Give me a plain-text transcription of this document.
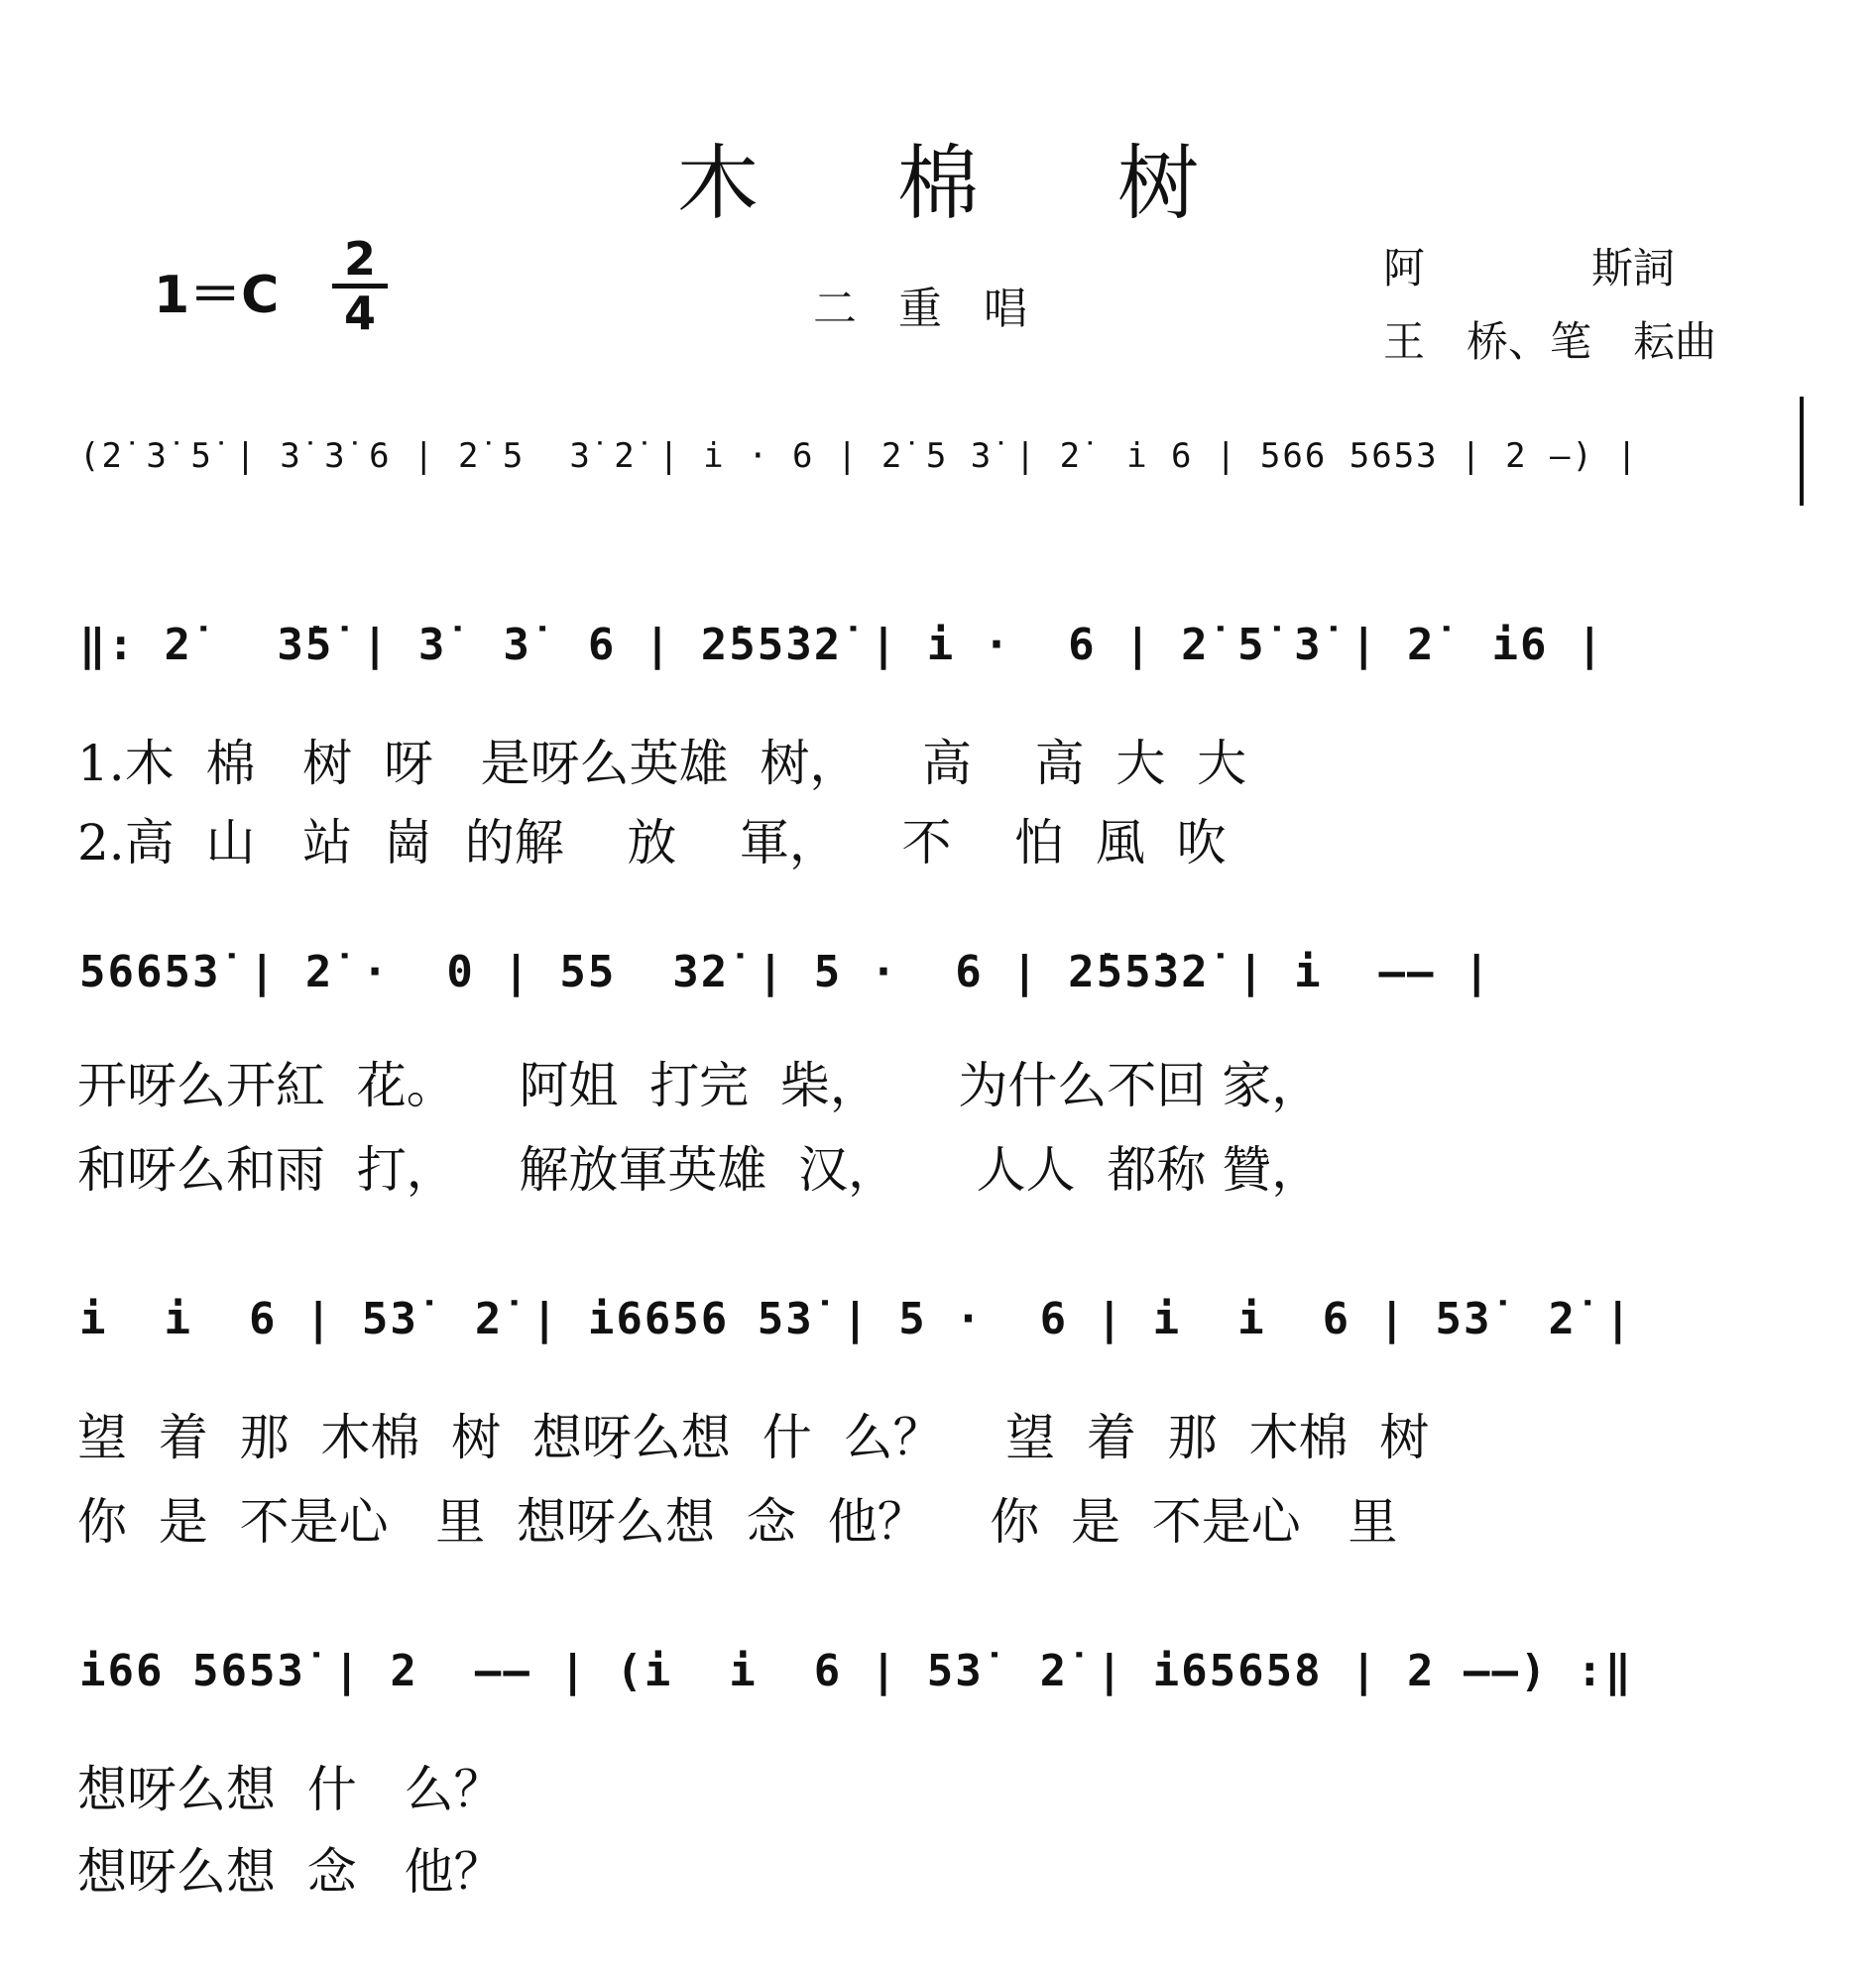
木棉树
1＝C
2
4	二重唱
阿　　　　斯詞
王　桥、笔　耘曲
(2̇ 3̇ 5̇ | 3̇ 3̇ 6 | 2̇ 5  3̇ 2̇ | i · 6 | 2̇ 5 3̇ | 2̇  i 6 | 566 5653 | 2 —) |
‖: 2̇   3̇5̇ | 3̇  3̇  6 | 2̇55̇32̇ | i ·  6 | 2̇ 5̇ 3̇ | 2̇  i6 |
1.木  棉   树  呀   是呀么英雄  树，    高    高  大  大
2.高  山   站  崗  的解    放    軍，    不    怕  風  吹
56653̇ | 2̇ ·  0 | 55  32̇ | 5 ·  6 | 2̇55̇32̇ | i  —— |
开呀么开紅  花。    阿姐  打完  柴，     为什么不回 家，
和呀么和雨  打，    解放軍英雄  汉，     人人  都称 贊，
i  i  6 | 53̇  2̇ | i6656 53̇ | 5 ·  6 | i  i  6 | 53̇  2̇ |
望  着  那  木棉  树  想呀么想  什  么？    望  着  那  木棉  树
你  是  不是心   里  想呀么想  念  他？    你  是  不是心   里
i66 5653̇ | 2  —— | (i  i  6 | 53̇  2̇ | i65658 | 2 ——) :‖
想呀么想  什   么？
想呀么想  念   他？
